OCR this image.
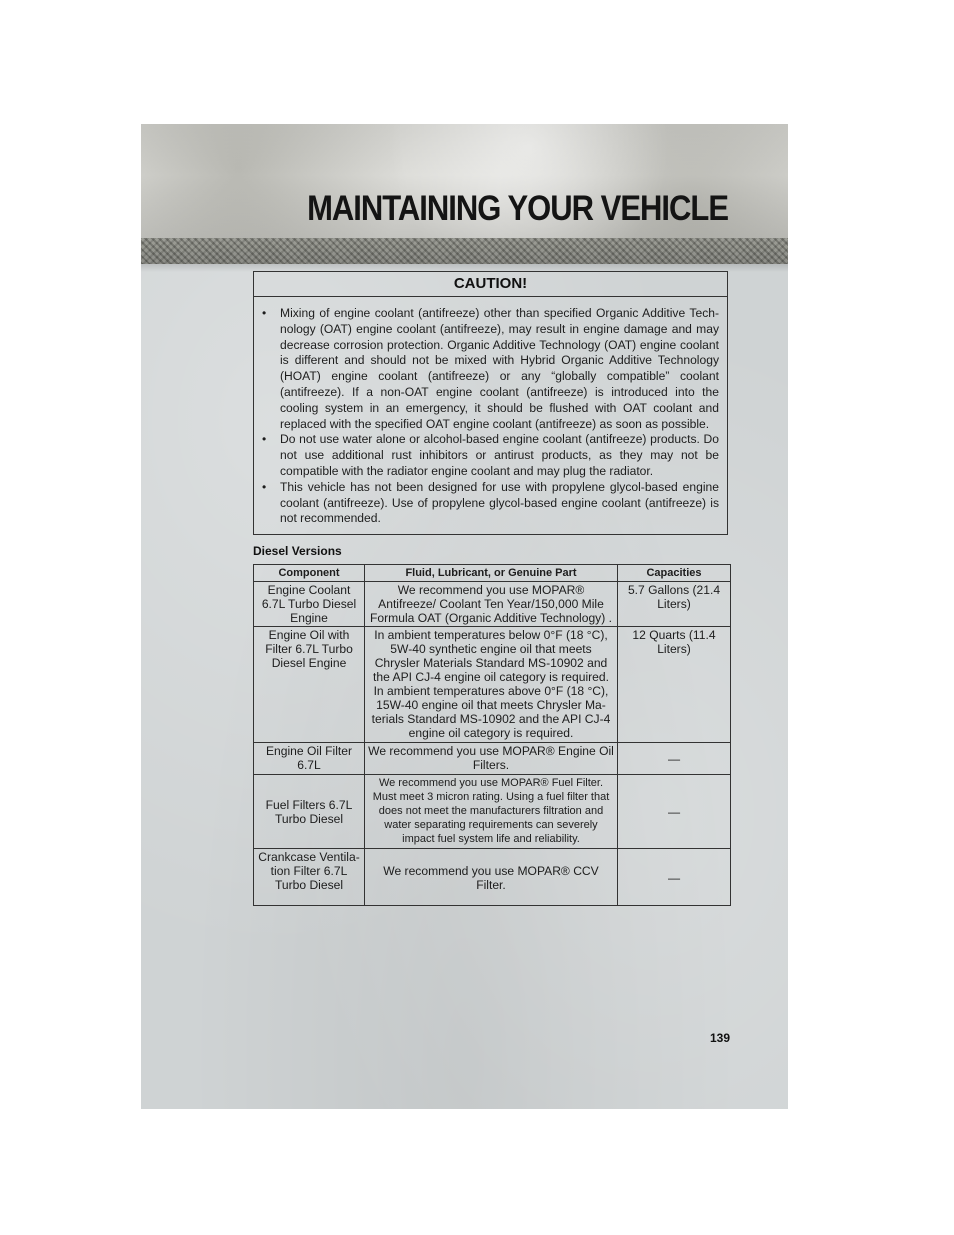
MAINTAINING YOUR VEHICLE
CAUTION!
• Mixing of engine coolant (antifreeze) other than specified Organic Additive Tech-nology (OAT) engine coolant (antifreeze), may result in engine damage and may decrease corrosion protection. Organic Additive Technology (OAT) engine coolant is different and should not be mixed with Hybrid Organic Additive Technology (HOAT) engine coolant (antifreeze) or any “globally compatible” coolant (antifreeze). If a non-OAT engine coolant (antifreeze) is introduced into the cooling system in an emergency, it should be flushed with OAT coolant and replaced with the specified OAT engine coolant (antifreeze) as soon as possible.
• Do not use water alone or alcohol-based engine coolant (antifreeze) products. Do not use additional rust inhibitors or antirust products, as they may not be compatible with the radiator engine coolant and may plug the radiator.
• This vehicle has not been designed for use with propylene glycol-based engine coolant (antifreeze). Use of propylene glycol-based engine coolant (antifreeze) is not recommended.

Diesel Versions

Component	Fluid, Lubricant, or Genuine Part	Capacities
Engine Coolant 6.7L Turbo Diesel Engine	We recommend you use MOPAR® Antifreeze/ Coolant Ten Year/150,000 Mile Formula OAT (Organic Additive Technology) .	5.7 Gallons (21.4 Liters)
Engine Oil with Filter 6.7L Turbo Diesel Engine	In ambient temperatures below 0°F (18 °C), 5W-40 synthetic engine oil that meets Chrysler Materials Standard MS-10902 and the API CJ-4 engine oil category is required. In ambient temperatures above 0°F (18 °C), 15W-40 engine oil that meets Chrysler Ma-terials Standard MS-10902 and the API CJ-4 engine oil category is required.	12 Quarts (11.4 Liters)
Engine Oil Filter 6.7L	We recommend you use MOPAR® Engine Oil Filters.	—
Fuel Filters 6.7L Turbo Diesel	We recommend you use MOPAR® Fuel Filter. Must meet 3 micron rating. Using a fuel filter that does not meet the manufacturers filtration and water separating requirements can severely impact fuel system life and reliability.	—
Crankcase Ventila-tion Filter 6.7L Turbo Diesel	We recommend you use MOPAR® CCV Filter.	—

139
